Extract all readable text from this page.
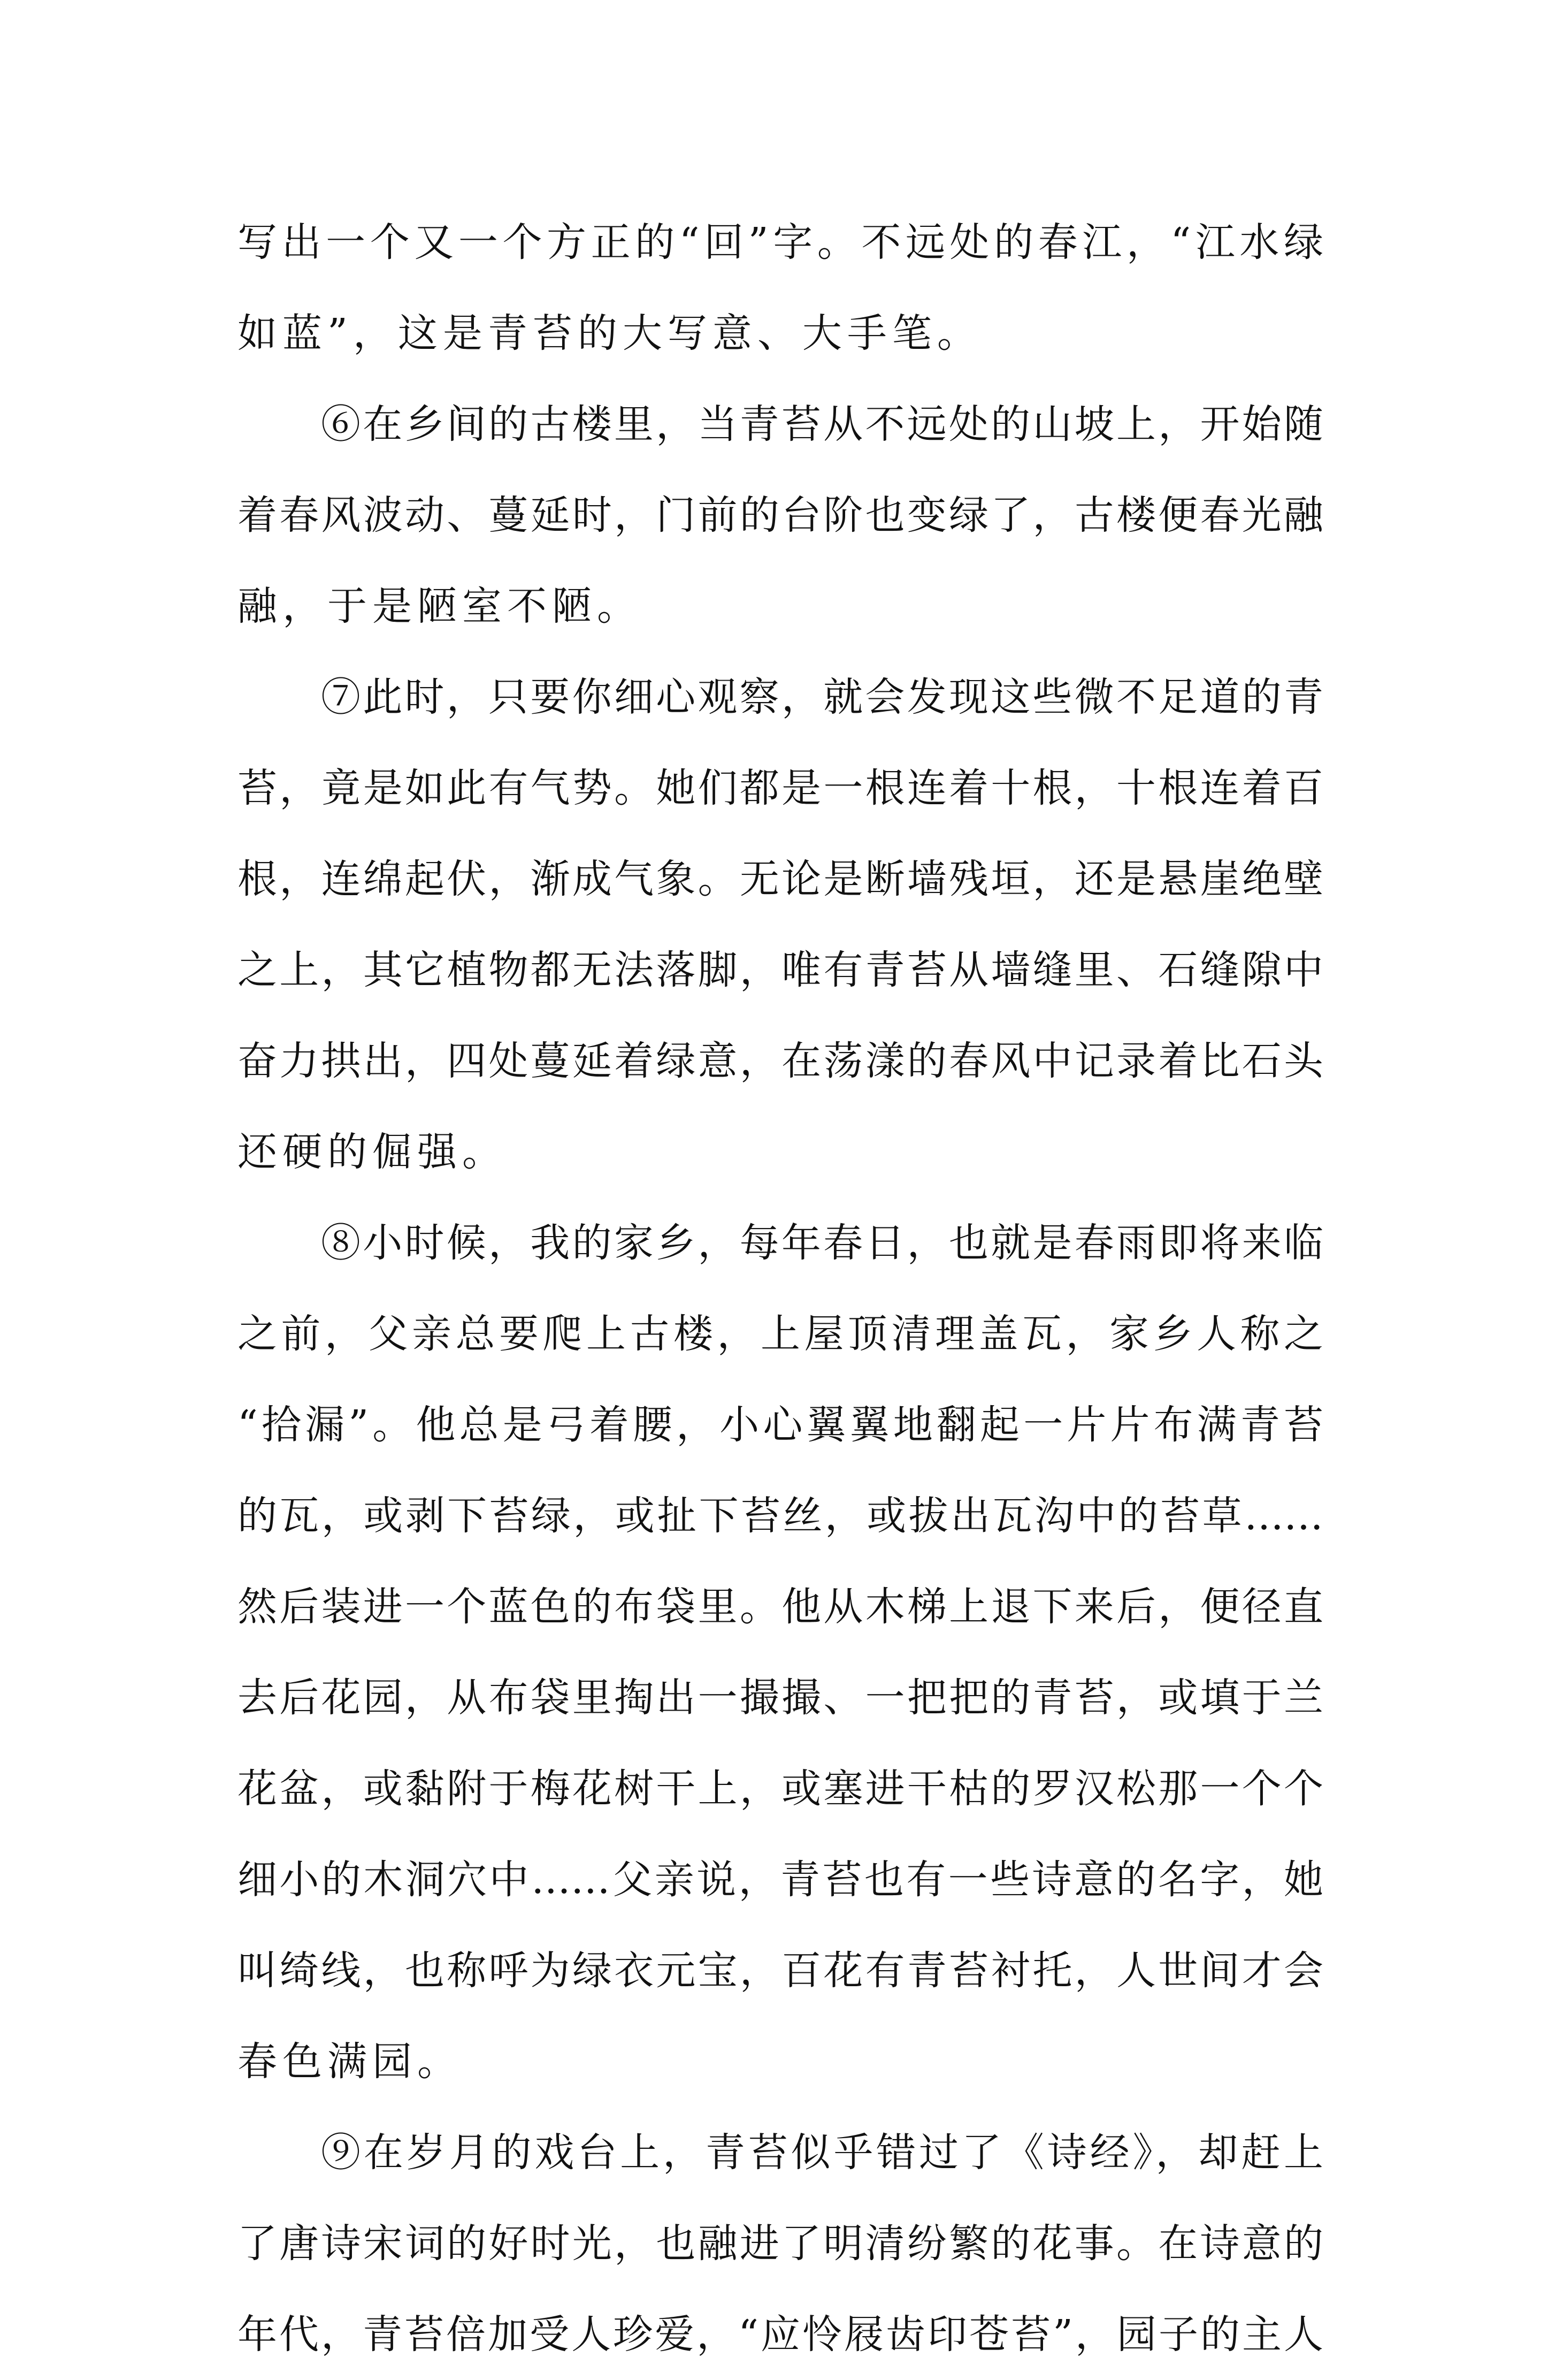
写出一个又一个方正的“回”字。不远处的春江，“江水绿
如蓝”，这是青苔的大写意、大手笔。
⑥在乡间的古楼里，当青苔从不远处的山坡上，开始随
着春风波动、蔓延时，门前的台阶也变绿了，古楼便春光融
融，于是陋室不陋。
⑦此时，只要你细心观察，就会发现这些微不足道的青
苔，竟是如此有气势。她们都是一根连着十根，十根连着百
根，连绵起伏，渐成气象。无论是断墙残垣，还是悬崖绝壁
之上，其它植物都无法落脚，唯有青苔从墙缝里、石缝隙中
奋力拱出，四处蔓延着绿意，在荡漾的春风中记录着比石头
还硬的倔强。
⑧小时候，我的家乡，每年春日，也就是春雨即将来临
之前，父亲总要爬上古楼，上屋顶清理盖瓦，家乡人称之
“拾漏”。他总是弓着腰，小心翼翼地翻起一片片布满青苔
的瓦，或剥下苔绿，或扯下苔丝，或拔出瓦沟中的苔草……
然后装进一个蓝色的布袋里。他从木梯上退下来后，便径直
去后花园，从布袋里掏出一撮撮、一把把的青苔，或填于兰
花盆，或黏附于梅花树干上，或塞进干枯的罗汉松那一个个
细小的木洞穴中……父亲说，青苔也有一些诗意的名字，她
叫绮线，也称呼为绿衣元宝，百花有青苔衬托，人世间才会
春色满园。
⑨在岁月的戏台上，青苔似乎错过了《诗经》，却赶上
了唐诗宋词的好时光，也融进了明清纷繁的花事。在诗意的
年代，青苔倍加受人珍爱，“应怜屐齿印苍苔”，园子的主人
